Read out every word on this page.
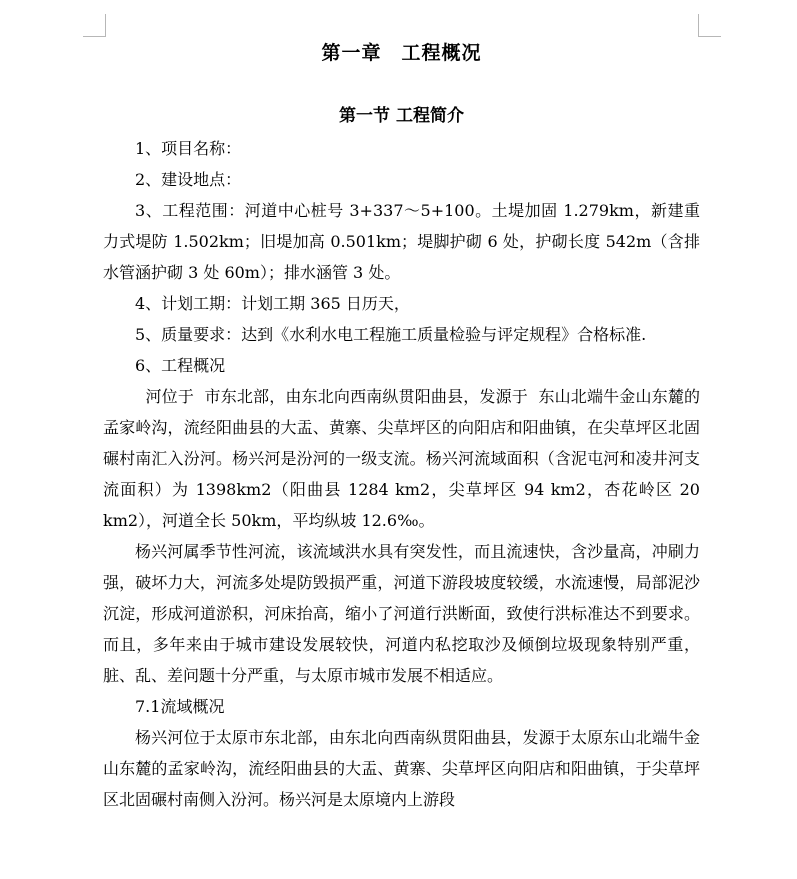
第一章　工程概况
第一节 工程简介

1、项目名称：

2、建设地点：

3、工程范围：河道中心桩号 3+337～5+100。土堤加固 1.279km，新建重力式堤防 1.502km；旧堤加高 0.501km；堤脚护砌 6 处，护砌长度 542m（含排水管涵护砌 3 处 60m）；排水涵管 3 处。

4、计划工期：计划工期 365 日历天，

5、质量要求：达到《水利水电工程施工质量检验与评定规程》合格标准.

6、工程概况

河位于  市东北部，由东北向西南纵贯阳曲县，发源于  东山北端牛金山东麓的孟家岭沟，流经阳曲县的大盂、黄寨、尖草坪区的向阳店和阳曲镇，在尖草坪区北固碾村南汇入汾河。杨兴河是汾河的一级支流。杨兴河流域面积（含泥屯河和凌井河支流面积）为 1398km2（阳曲县 1284 km2，尖草坪区 94 km2，杏花岭区 20 km2），河道全长 50km，平均纵坡 12.6‰。

杨兴河属季节性河流，该流域洪水具有突发性，而且流速快，含沙量高，冲刷力强，破坏力大，河流多处堤防毁损严重，河道下游段坡度较缓，水流速慢，局部泥沙沉淀，形成河道淤积，河床抬高，缩小了河道行洪断面，致使行洪标准达不到要求。而且，多年来由于城市建设发展较快，河道内私挖取沙及倾倒垃圾现象特别严重，脏、乱、差问题十分严重，与太原市城市发展不相适应。

7.1流域概况

杨兴河位于太原市东北部，由东北向西南纵贯阳曲县，发源于太原东山北端牛金山东麓的孟家岭沟，流经阳曲县的大盂、黄寨、尖草坪区向阳店和阳曲镇，于尖草坪区北固碾村南侧入汾河。杨兴河是太原境内上游段
